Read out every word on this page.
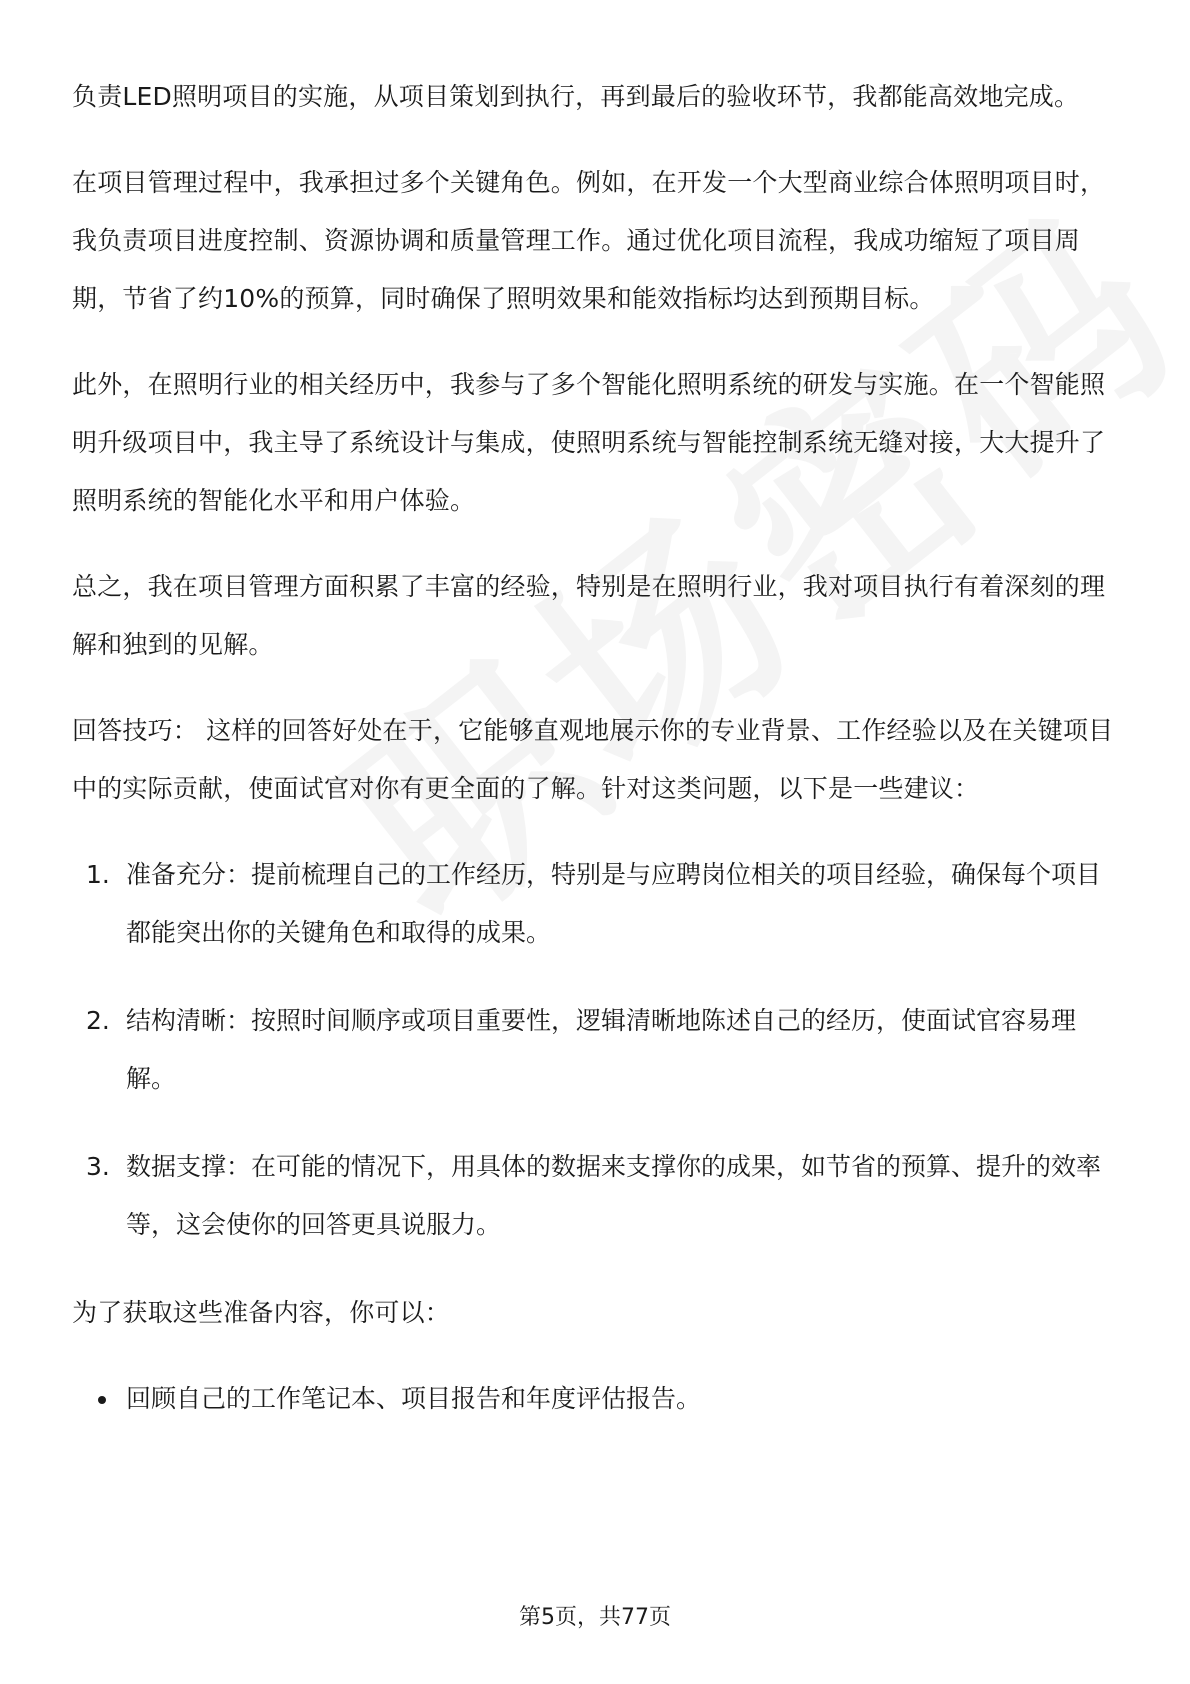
负责LED照明项目的实施，从项目策划到执行，再到最后的验收环节，我都能高效地完成。

在项目管理过程中，我承担过多个关键角色。例如，在开发一个大型商业综合体照明项目时，我负责项目进度控制、资源协调和质量管理工作。通过优化项目流程，我成功缩短了项目周期，节省了约10%的预算，同时确保了照明效果和能效指标均达到预期目标。

此外，在照明行业的相关经历中，我参与了多个智能化照明系统的研发与实施。在一个智能照明升级项目中，我主导了系统设计与集成，使照明系统与智能控制系统无缝对接，大大提升了照明系统的智能化水平和用户体验。

总之，我在项目管理方面积累了丰富的经验，特别是在照明行业，我对项目执行有着深刻的理解和独到的见解。

回答技巧： 这样的回答好处在于，它能够直观地展示你的专业背景、工作经验以及在关键项目中的实际贡献，使面试官对你有更全面的了解。针对这类问题，以下是一些建议：

1. 准备充分：提前梳理自己的工作经历，特别是与应聘岗位相关的项目经验，确保每个项目都能突出你的关键角色和取得的成果。
2. 结构清晰：按照时间顺序或项目重要性，逻辑清晰地陈述自己的经历，使面试官容易理解。
3. 数据支撑：在可能的情况下，用具体的数据来支撑你的成果，如节省的预算、提升的效率等，这会使你的回答更具说服力。

为了获取这些准备内容，你可以：

回顾自己的工作笔记本、项目报告和年度评估报告。
第5页，共77页
